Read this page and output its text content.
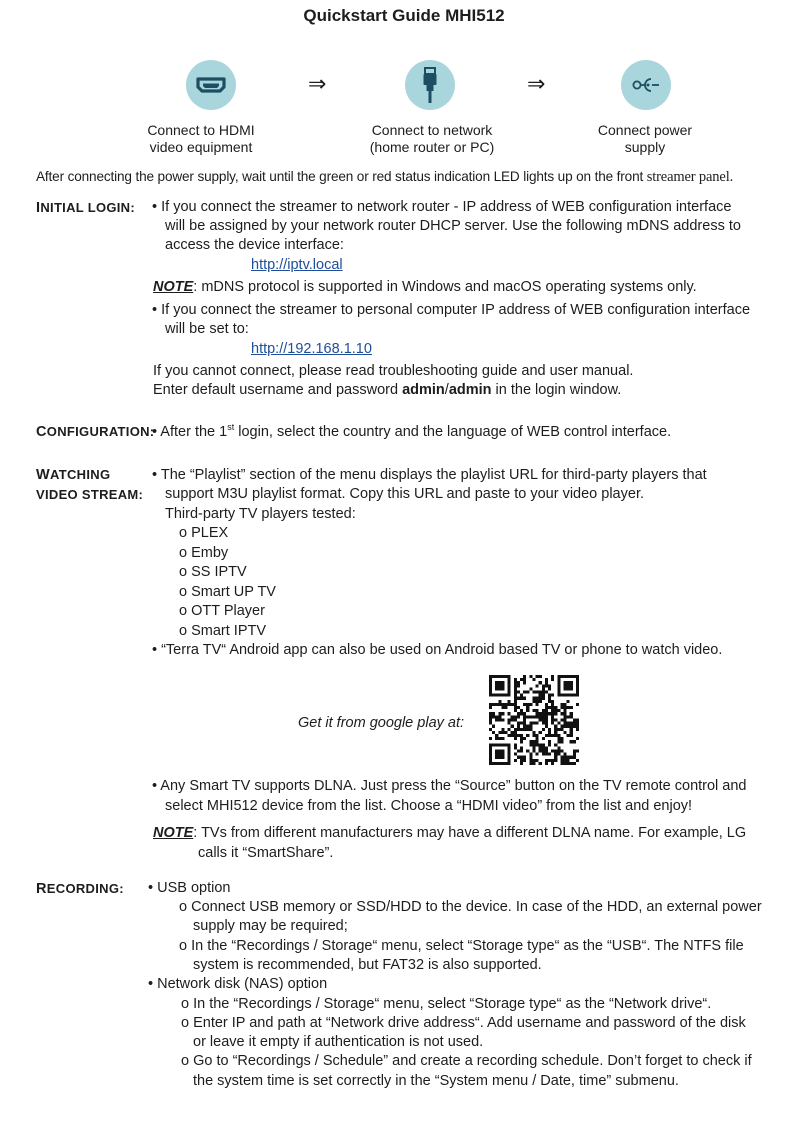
Quickstart Guide MHI512
⇒	⇒
Connect to HDMI
video equipment
Connect to network
(home router or PC)
Connect power
supply
After connecting the power supply, wait until the green or red status indication LED lights up on the front streamer panel.
INITIAL LOGIN: • If you connect the streamer to network router - IP address of WEB configuration interface
will be assigned by your network router DHCP server. Use the following mDNS address to
access the device interface:
http://iptv.local
NOTE: mDNS protocol is supported in Windows and macOS operating systems only.
• If you connect the streamer to personal computer IP address of WEB configuration interface
will be set to:
http://192.168.1.10
If you cannot connect, please read troubleshooting guide and user manual.
Enter default username and password admin/admin in the login window.
CONFIGURATION:
• After the 1st login, select the country and the language of WEB control interface.
WATCHING
VIDEO STREAM:
• The “Playlist” section of the menu displays the playlist URL for third-party players that
support M3U playlist format. Copy this URL and paste to your video player.
Third-party TV players tested:
o PLEX
o Emby
o SS IPTV
o Smart UP TV
o OTT Player
o Smart IPTV
• “Terra TV“ Android app can also be used on Android based TV or phone to watch video.
Get it from google play at:
• Any Smart TV supports DLNA. Just press the “Source” button on the TV remote control and
select MHI512 device from the list. Choose a “HDMI video” from the list and enjoy!
NOTE: TVs from different manufacturers may have a different DLNA name. For example, LG
calls it “SmartShare”.
RECORDING: • USB option
o Connect USB memory or SSD/HDD to the device. In case of the HDD, an external power
supply may be required;
o In the “Recordings / Storage“ menu, select “Storage type“ as the “USB“. The NTFS file
system is recommended, but FAT32 is also supported.
• Network disk (NAS) option
o In the “Recordings / Storage“ menu, select “Storage type“ as the “Network drive“.
o Enter IP and path at “Network drive address“. Add username and password of the disk
or leave it empty if authentication is not used.
o Go to “Recordings / Schedule” and create a recording schedule. Don’t forget to check if
the system time is set correctly in the “System menu / Date, time” submenu.
